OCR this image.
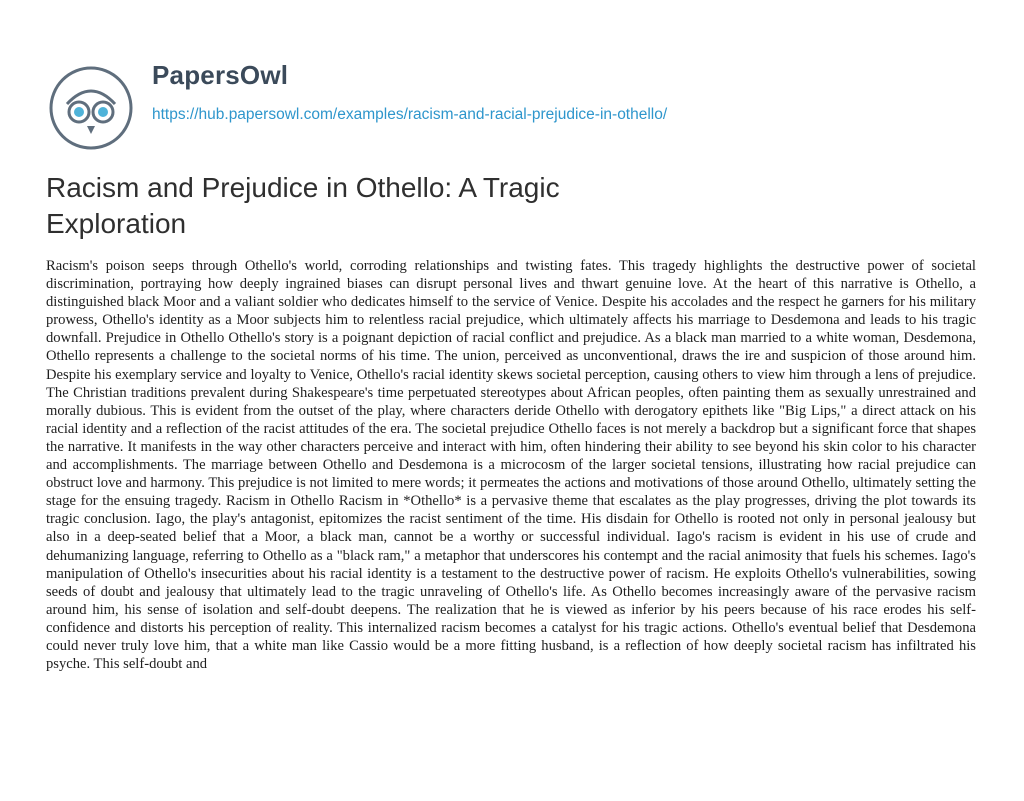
PapersOwl
https://hub.papersowl.com/examples/racism-and-racial-prejudice-in-othello/
Racism and Prejudice in Othello: A Tragic Exploration

Racism's poison seeps through Othello's world, corroding relationships and twisting fates. This tragedy highlights the destructive power of societal discrimination, portraying how deeply ingrained biases can disrupt personal lives and thwart genuine love. At the heart of this narrative is Othello, a distinguished black Moor and a valiant soldier who dedicates himself to the service of Venice. Despite his accolades and the respect he garners for his military prowess, Othello's identity as a Moor subjects him to relentless racial prejudice, which ultimately affects his marriage to Desdemona and leads to his tragic downfall. Prejudice in Othello Othello's story is a poignant depiction of racial conflict and prejudice. As a black man married to a white woman, Desdemona, Othello represents a challenge to the societal norms of his time. The union, perceived as unconventional, draws the ire and suspicion of those around him. Despite his exemplary service and loyalty to Venice, Othello's racial identity skews societal perception, causing others to view him through a lens of prejudice. The Christian traditions prevalent during Shakespeare's time perpetuated stereotypes about African peoples, often painting them as sexually unrestrained and morally dubious. This is evident from the outset of the play, where characters deride Othello with derogatory epithets like "Big Lips," a direct attack on his racial identity and a reflection of the racist attitudes of the era. The societal prejudice Othello faces is not merely a backdrop but a significant force that shapes the narrative. It manifests in the way other characters perceive and interact with him, often hindering their ability to see beyond his skin color to his character and accomplishments. The marriage between Othello and Desdemona is a microcosm of the larger societal tensions, illustrating how racial prejudice can obstruct love and harmony. This prejudice is not limited to mere words; it permeates the actions and motivations of those around Othello, ultimately setting the stage for the ensuing tragedy. Racism in Othello Racism in *Othello* is a pervasive theme that escalates as the play progresses, driving the plot towards its tragic conclusion. Iago, the play's antagonist, epitomizes the racist sentiment of the time. His disdain for Othello is rooted not only in personal jealousy but also in a deep-seated belief that a Moor, a black man, cannot be a worthy or successful individual. Iago's racism is evident in his use of crude and dehumanizing language, referring to Othello as a "black ram," a metaphor that underscores his contempt and the racial animosity that fuels his schemes. Iago's manipulation of Othello's insecurities about his racial identity is a testament to the destructive power of racism. He exploits Othello's vulnerabilities, sowing seeds of doubt and jealousy that ultimately lead to the tragic unraveling of Othello's life. As Othello becomes increasingly aware of the pervasive racism around him, his sense of isolation and self-doubt deepens. The realization that he is viewed as inferior by his peers because of his race erodes his self-confidence and distorts his perception of reality. This internalized racism becomes a catalyst for his tragic actions. Othello's eventual belief that Desdemona could never truly love him, that a white man like Cassio would be a more fitting husband, is a reflection of how deeply societal racism has infiltrated his psyche. This self-doubt and
